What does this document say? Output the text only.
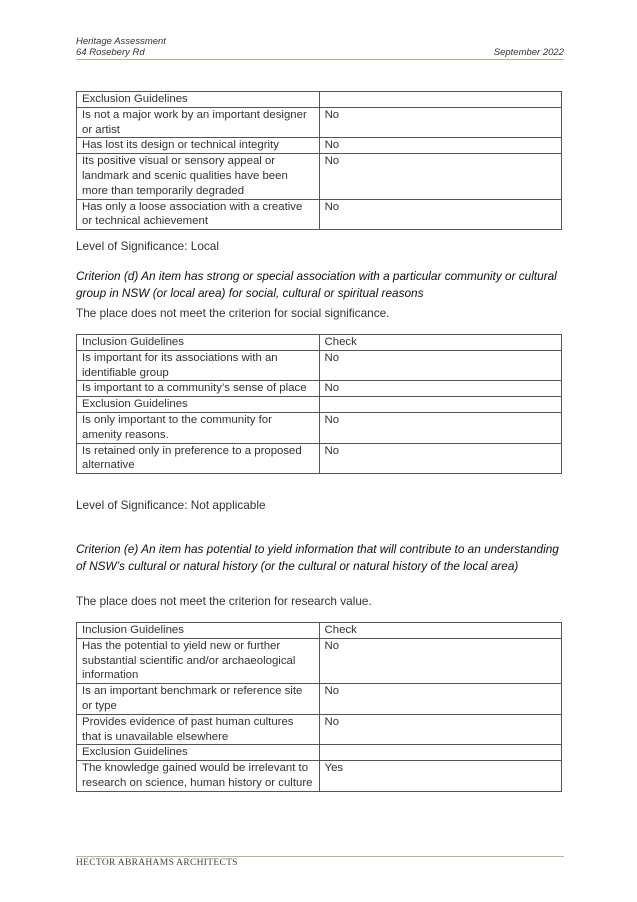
Heritage Assessment
64 Rosebery Rd	September 2022
Exclusion Guidelines	
Is not a major work by an important designer or artist	No
Has lost its design or technical integrity	No
Its positive visual or sensory appeal or landmark and scenic qualities have been more than temporarily degraded	No
Has only a loose association with a creative or technical achievement	No
Level of Significance: Local
Criterion (d) An item has strong or special association with a particular community or cultural group in NSW (or local area) for social, cultural or spiritual reasons
The place does not meet the criterion for social significance.
Inclusion Guidelines	Check
Is important for its associations with an identifiable group	No
Is important to a community’s sense of place	No
Exclusion Guidelines	
Is only important to the community for amenity reasons.	No
Is retained only in preference to a proposed alternative	No
Level of Significance: Not applicable
Criterion (e) An item has potential to yield information that will contribute to an understanding of NSW’s cultural or natural history (or the cultural or natural history of the local area)
The place does not meet the criterion for research value.
Inclusion Guidelines	Check
Has the potential to yield new or further substantial scientific and/or archaeological information	No
Is an important benchmark or reference site or type	No
Provides evidence of past human cultures that is unavailable elsewhere	No
Exclusion Guidelines	
The knowledge gained would be irrelevant to research on science, human history or culture	Yes
HECTOR ABRAHAMS ARCHITECTS
